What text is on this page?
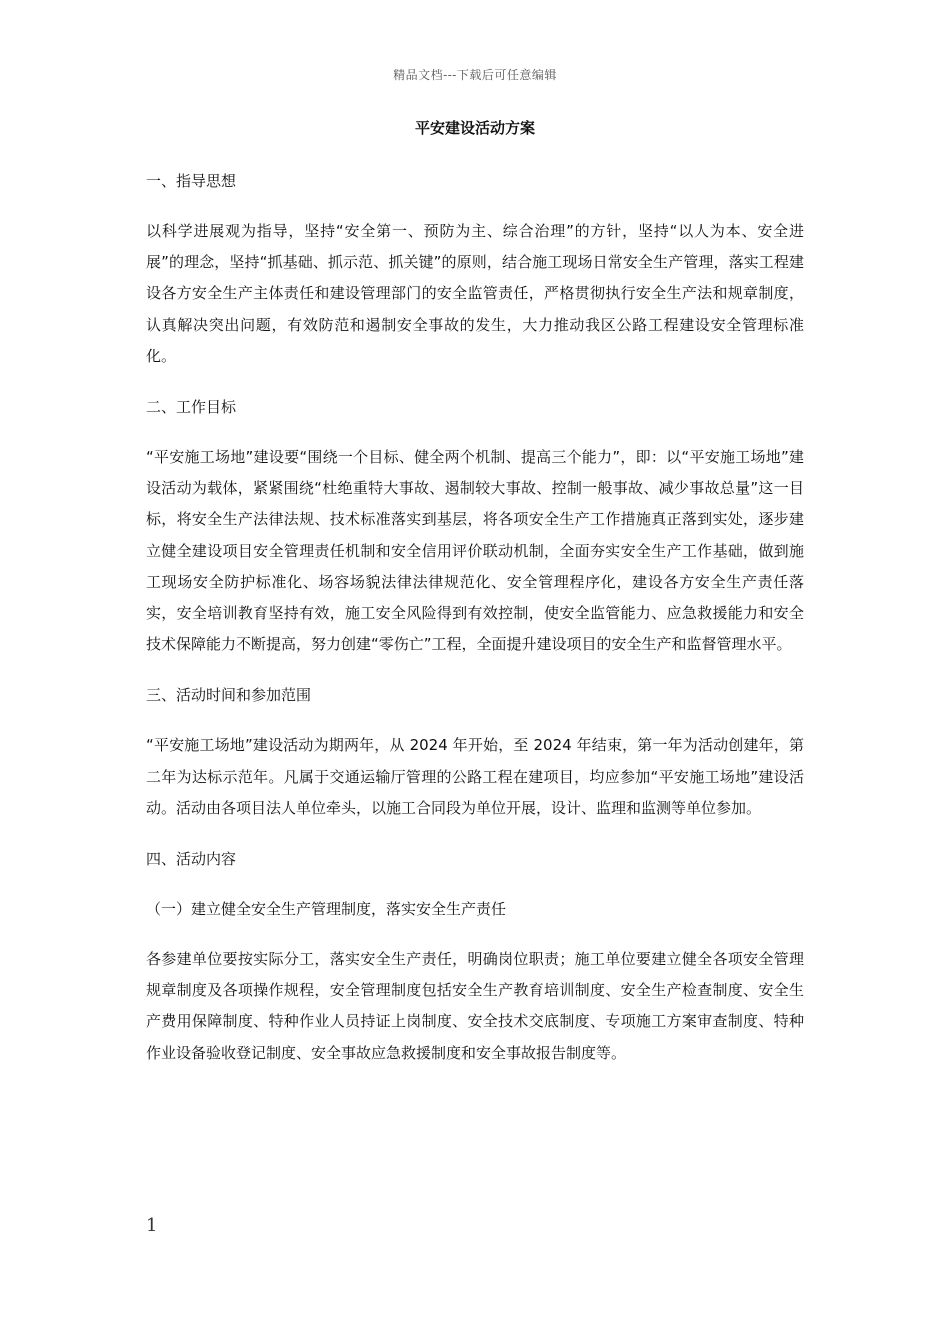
精品文档---下载后可任意编辑
平安建设活动方案

一、指导思想

以科学进展观为指导，坚持“安全第一、预防为主、综合治理”的方针，坚持“以人为本、安全进展”的理念，坚持“抓基础、抓示范、抓关键”的原则，结合施工现场日常安全生产管理，落实工程建设各方安全生产主体责任和建设管理部门的安全监管责任，严格贯彻执行安全生产法和规章制度，认真解决突出问题，有效防范和遏制安全事故的发生，大力推动我区公路工程建设安全管理标准化。

二、工作目标

“平安施工场地”建设要“围绕一个目标、健全两个机制、提高三个能力”，即：以“平安施工场地”建设活动为载体，紧紧围绕“杜绝重特大事故、遏制较大事故、控制一般事故、减少事故总量”这一目标，将安全生产法律法规、技术标准落实到基层，将各项安全生产工作措施真正落到实处，逐步建立健全建设项目安全管理责任机制和安全信用评价联动机制，全面夯实安全生产工作基础，做到施工现场安全防护标准化、场容场貌法律法律规范化、安全管理程序化，建设各方安全生产责任落实，安全培训教育坚持有效，施工安全风险得到有效控制，使安全监管能力、应急救援能力和安全技术保障能力不断提高，努力创建“零伤亡”工程，全面提升建设项目的安全生产和监督管理水平。

三、活动时间和参加范围

“平安施工场地”建设活动为期两年，从 2024 年开始，至 2024 年结束，第一年为活动创建年，第二年为达标示范年。凡属于交通运输厅管理的公路工程在建项目，均应参加“平安施工场地”建设活动。活动由各项目法人单位牵头，以施工合同段为单位开展，设计、监理和监测等单位参加。

四、活动内容

（一）建立健全安全生产管理制度，落实安全生产责任

各参建单位要按实际分工，落实安全生产责任，明确岗位职责；施工单位要建立健全各项安全管理规章制度及各项操作规程，安全管理制度包括安全生产教育培训制度、安全生产检查制度、安全生产费用保障制度、特种作业人员持证上岗制度、安全技术交底制度、专项施工方案审查制度、特种作业设备验收登记制度、安全事故应急救援制度和安全事故报告制度等。

1
